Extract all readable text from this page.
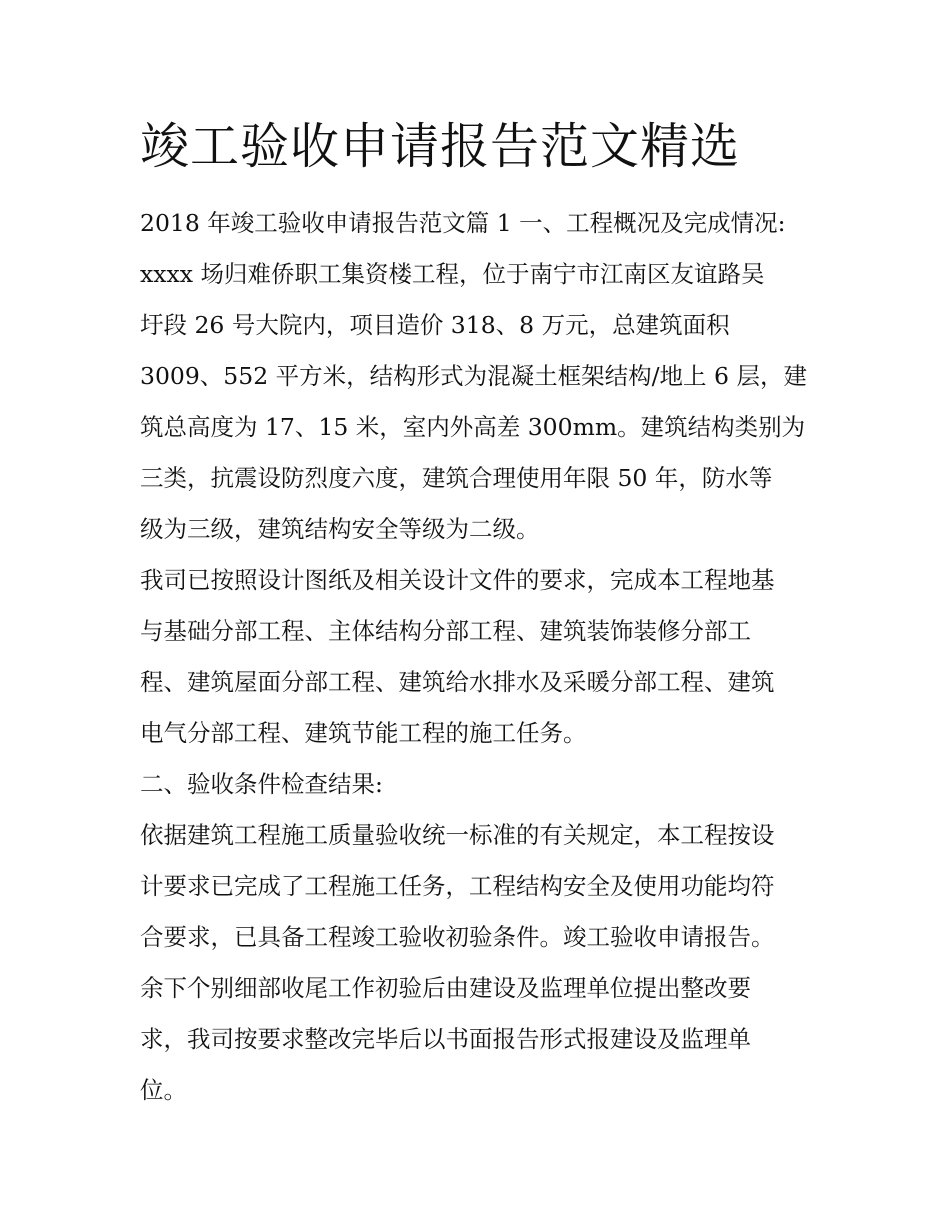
竣工验收申请报告范文精选

2018 年竣工验收申请报告范文篇 1 一、工程概况及完成情况:

xxxx 场归难侨职工集资楼工程，位于南宁市江南区友谊路吴

圩段 26 号大院内，项目造价 318、8 万元，总建筑面积

3009、552 平方米，结构形式为混凝土框架结构/地上 6 层，建

筑总高度为 17、15 米，室内外高差 300mm。建筑结构类别为

三类，抗震设防烈度六度，建筑合理使用年限 50 年，防水等

级为三级，建筑结构安全等级为二级。

我司已按照设计图纸及相关设计文件的要求，完成本工程地基

与基础分部工程、主体结构分部工程、建筑装饰装修分部工

程、建筑屋面分部工程、建筑给水排水及采暖分部工程、建筑

电气分部工程、建筑节能工程的施工任务。

二、验收条件检查结果:

依据建筑工程施工质量验收统一标准的有关规定，本工程按设

计要求已完成了工程施工任务，工程结构安全及使用功能均符

合要求，已具备工程竣工验收初验条件。竣工验收申请报告。

余下个别细部收尾工作初验后由建设及监理单位提出整改要

求，我司按要求整改完毕后以书面报告形式报建设及监理单

位。
